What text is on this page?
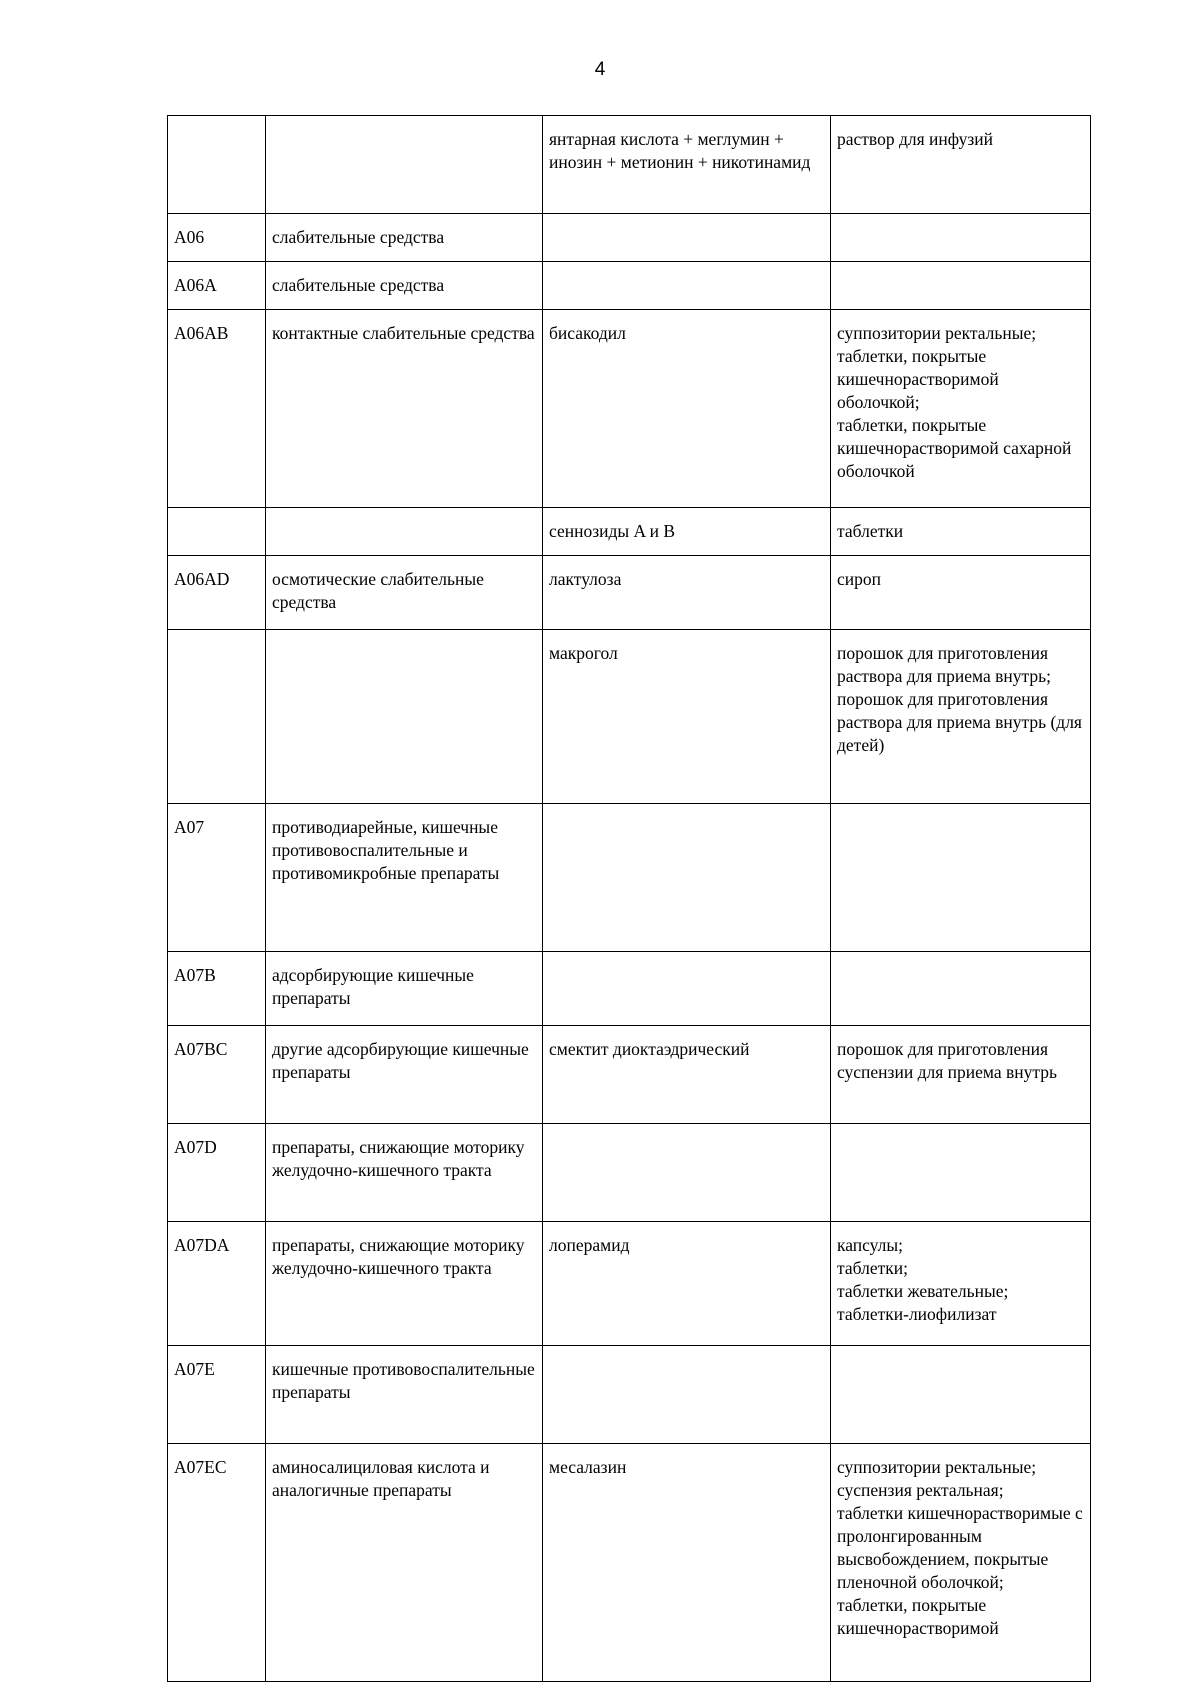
4
		янтарная кислота + меглумин + инозин + метионин + никотинамид	раствор для инфузий
A06	слабительные средства		
A06A	слабительные средства		
A06AB	контактные слабительные средства	бисакодил	суппозитории ректальные;
таблетки, покрытые кишечнорастворимой оболочкой;
таблетки, покрытые кишечнорастворимой сахарной оболочкой
		сеннозиды A и B	таблетки
A06AD	осмотические слабительные средства	лактулоза	сироп
		макрогол	порошок для приготовления раствора для приема внутрь;
порошок для приготовления раствора для приема внутрь (для детей)
A07	противодиарейные, кишечные противовоспалительные и противомикробные препараты		
A07B	адсорбирующие кишечные препараты		
A07BC	другие адсорбирующие кишечные препараты	смектит диоктаэдрический	порошок для приготовления суспензии для приема внутрь
A07D	препараты, снижающие моторику желудочно-кишечного тракта		
A07DA	препараты, снижающие моторику желудочно-кишечного тракта	лоперамид	капсулы;
таблетки;
таблетки жевательные;
таблетки-лиофилизат
A07E	кишечные противовоспалительные препараты		
A07EC	аминосалициловая кислота и аналогичные препараты	месалазин	суппозитории ректальные;
суспензия ректальная;
таблетки кишечнорастворимые с пролонгированным высвобождением, покрытые пленочной оболочкой;
таблетки, покрытые кишечнорастворимой
